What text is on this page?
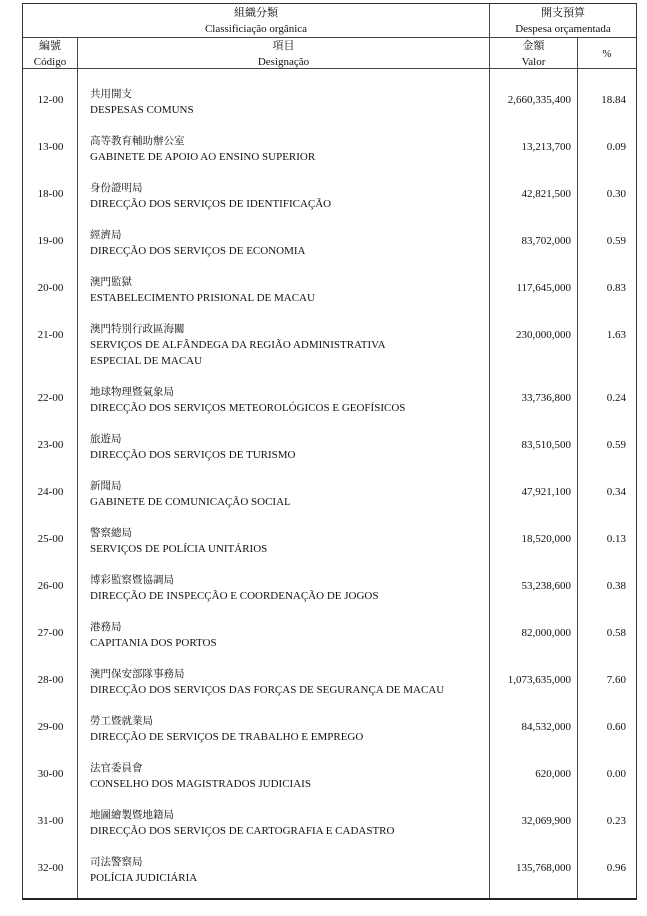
組織分類
Classificiação orgânica
開支預算
Despesa orçamentada
編號
Código
項目
Designação
金額
Valor
%
12-00	共用開支
DESPESAS COMUNS
2,660,335,400	18.84
13-00	高等教育輔助辦公室
GABINETE DE APOIO AO ENSINO SUPERIOR
13,213,700	0.09
18-00	身份證明局
DIRECÇÃO DOS SERVIÇOS DE IDENTIFICAÇÃO
42,821,500	0.30
19-00	經濟局
DIRECÇÃO DOS SERVIÇOS DE ECONOMIA
83,702,000	0.59
20-00	澳門監獄
ESTABELECIMENTO PRISIONAL DE MACAU
117,645,000	0.83
21-00	澳門特別行政區海關
SERVIÇOS DE ALFÂNDEGA DA REGIÃO ADMINISTRATIVA
ESPECIAL DE MACAU
230,000,000	1.63
22-00	地球物理暨氣象局
DIRECÇÃO DOS SERVIÇOS METEOROLÓGICOS E GEOFÍSICOS
33,736,800	0.24
23-00	旅遊局
DIRECÇÃO DOS SERVIÇOS DE TURISMO
83,510,500	0.59
24-00	新聞局
GABINETE DE COMUNICAÇÃO SOCIAL
47,921,100	0.34
25-00	警察總局
SERVIÇOS DE POLÍCIA UNITÁRIOS
18,520,000	0.13
26-00	博彩監察暨協調局
DIRECÇÃO DE INSPECÇÃO E COORDENAÇÃO DE JOGOS
53,238,600	0.38
27-00	港務局
CAPITANIA DOS PORTOS
82,000,000	0.58
28-00	澳門保安部隊事務局
DIRECÇÃO DOS SERVIÇOS DAS FORÇAS DE SEGURANÇA DE MACAU
1,073,635,000	7.60
29-00	勞工暨就業局
DIRECÇÃO DE SERVIÇOS DE TRABALHO E EMPREGO
84,532,000	0.60
30-00	法官委員會
CONSELHO DOS MAGISTRADOS JUDICIAIS
620,000	0.00
31-00	地圖繪製暨地籍局
DIRECÇÃO DOS SERVIÇOS DE CARTOGRAFIA E CADASTRO
32,069,900	0.23
32-00	司法警察局
POLÍCIA JUDICIÁRIA
135,768,000	0.96
